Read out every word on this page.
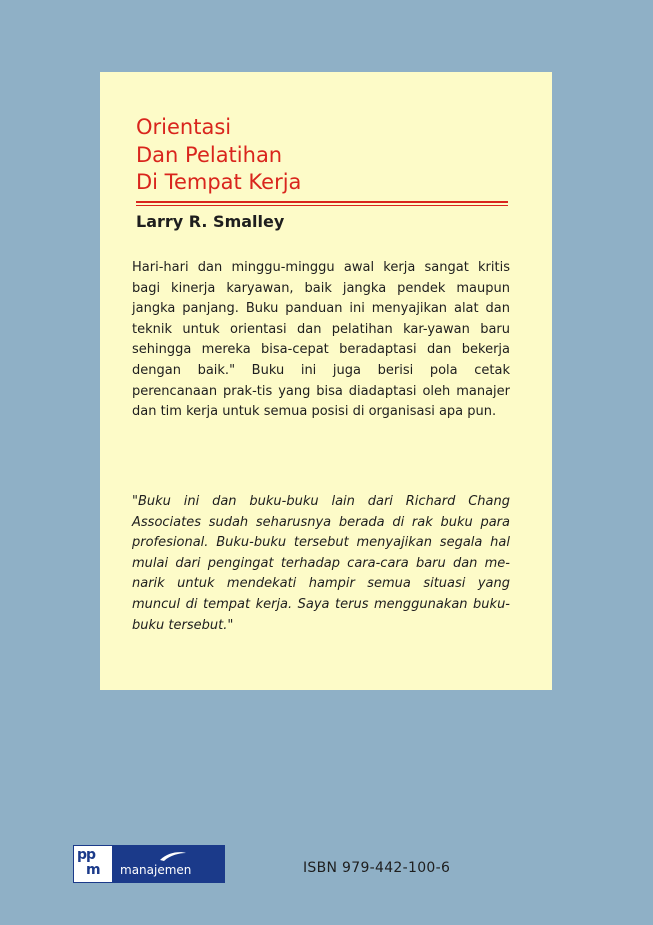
Orientasi
Dan Pelatihan
Di Tempat Kerja
Larry R. Smalley

Hari-hari dan minggu-minggu awal kerja sangat kritis bagi kinerja karyawan, baik jangka pendek maupun jangka panjang. Buku panduan ini menyajikan alat dan teknik untuk orientasi dan pelatihan kar-yawan baru sehingga mereka bisa-cepat beradaptasi dan bekerja dengan baik." Buku ini juga berisi pola cetak perencanaan prak-tis yang bisa diadaptasi oleh manajer dan tim kerja untuk semua posisi di organisasi apa pun.

"Buku ini dan buku-buku lain dari Richard Chang Associates sudah seharusnya berada di rak buku para profesional. Buku-buku tersebut menyajikan segala hal mulai dari pengingat terhadap cara-cara baru dan me-narik untuk mendekati hampir semua situasi yang muncul di tempat kerja. Saya terus menggunakan buku-buku tersebut."

pp
m manajemen	ISBN 979-442-100-6
